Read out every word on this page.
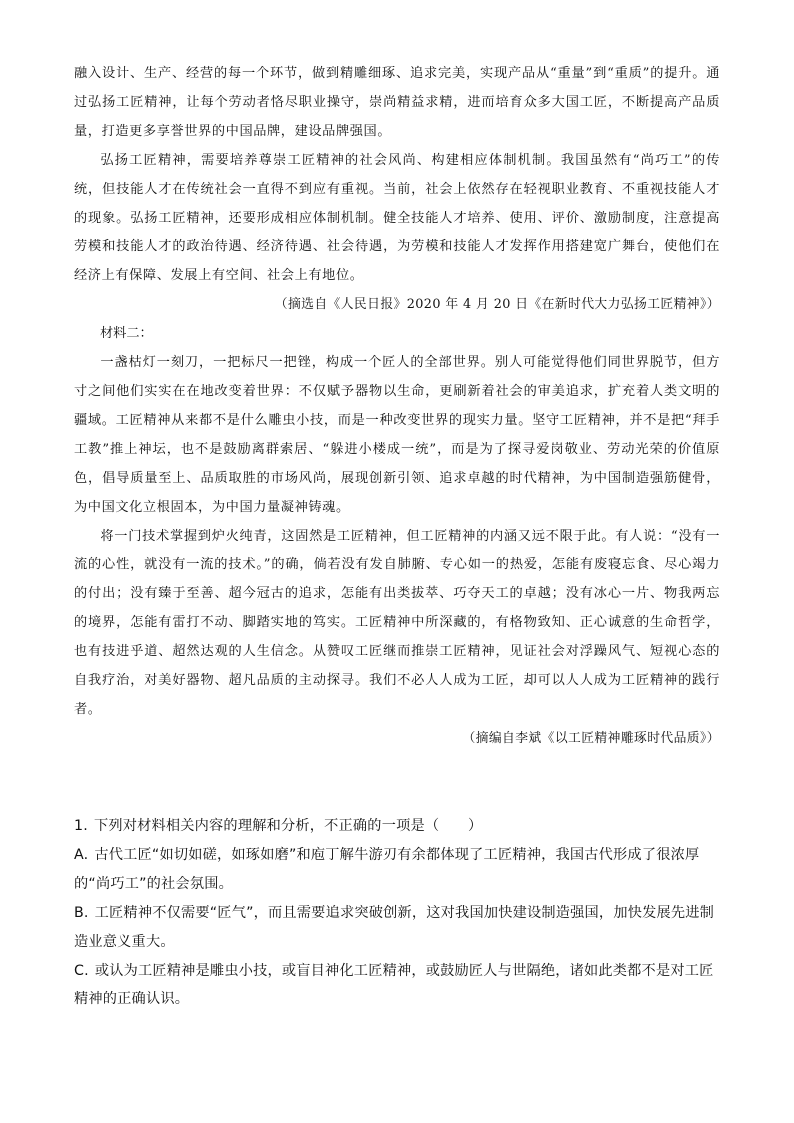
融入设计、生产、经营的每一个环节，做到精雕细琢、追求完美，实现产品从“重量”到“重质”的提升。通过弘扬工匠精神，让每个劳动者恪尽职业操守，崇尚精益求精，进而培育众多大国工匠，不断提高产品质量，打造更多享誉世界的中国品牌，建设品牌强国。

弘扬工匠精神，需要培养尊崇工匠精神的社会风尚、构建相应体制机制。我国虽然有“尚巧工”的传统，但技能人才在传统社会一直得不到应有重视。当前，社会上依然存在轻视职业教育、不重视技能人才的现象。弘扬工匠精神，还要形成相应体制机制。健全技能人才培养、使用、评价、激励制度，注意提高劳模和技能人才的政治待遇、经济待遇、社会待遇，为劳模和技能人才发挥作用搭建宽广舞台，使他们在经济上有保障、发展上有空间、社会上有地位。

（摘选自《人民日报》2020 年 4 月 20 日《在新时代大力弘扬工匠精神》）

材料二：

一盏枯灯一刻刀，一把标尺一把锉，构成一个匠人的全部世界。别人可能觉得他们同世界脱节，但方寸之间他们实实在在地改变着世界：不仅赋予器物以生命，更刷新着社会的审美追求，扩充着人类文明的疆域。工匠精神从来都不是什么雕虫小技，而是一种改变世界的现实力量。坚守工匠精神，并不是把“拜手工教”推上神坛，也不是鼓励离群索居、“躲进小楼成一统”，而是为了探寻爱岗敬业、劳动光荣的价值原色，倡导质量至上、品质取胜的市场风尚，展现创新引领、追求卓越的时代精神，为中国制造强筋健骨，为中国文化立根固本，为中国力量凝神铸魂。

将一门技术掌握到炉火纯青，这固然是工匠精神，但工匠精神的内涵又远不限于此。有人说：“没有一流的心性，就没有一流的技术。”的确，倘若没有发自肺腑、专心如一的热爱，怎能有废寝忘食、尽心竭力的付出；没有臻于至善、超今冠古的追求，怎能有出类拔萃、巧夺天工的卓越；没有冰心一片、物我两忘的境界，怎能有雷打不动、脚踏实地的笃实。工匠精神中所深藏的，有格物致知、正心诚意的生命哲学，也有技进乎道、超然达观的人生信念。从赞叹工匠继而推崇工匠精神，见证社会对浮躁风气、短视心态的自我疗治，对美好器物、超凡品质的主动探寻。我们不必人人成为工匠，却可以人人成为工匠精神的践行者。

（摘编自李斌《以工匠精神雕琢时代品质》）

1. 下列对材料相关内容的理解和分析，不正确的一项是（　　）

A. 古代工匠“如切如磋，如琢如磨”和庖丁解牛游刃有余都体现了工匠精神，我国古代形成了很浓厚的“尚巧工”的社会氛围。

B. 工匠精神不仅需要“匠气”，而且需要追求突破创新，这对我国加快建设制造强国，加快发展先进制造业意义重大。

C. 或认为工匠精神是雕虫小技，或盲目神化工匠精神，或鼓励匠人与世隔绝，诸如此类都不是对工匠精神的正确认识。
